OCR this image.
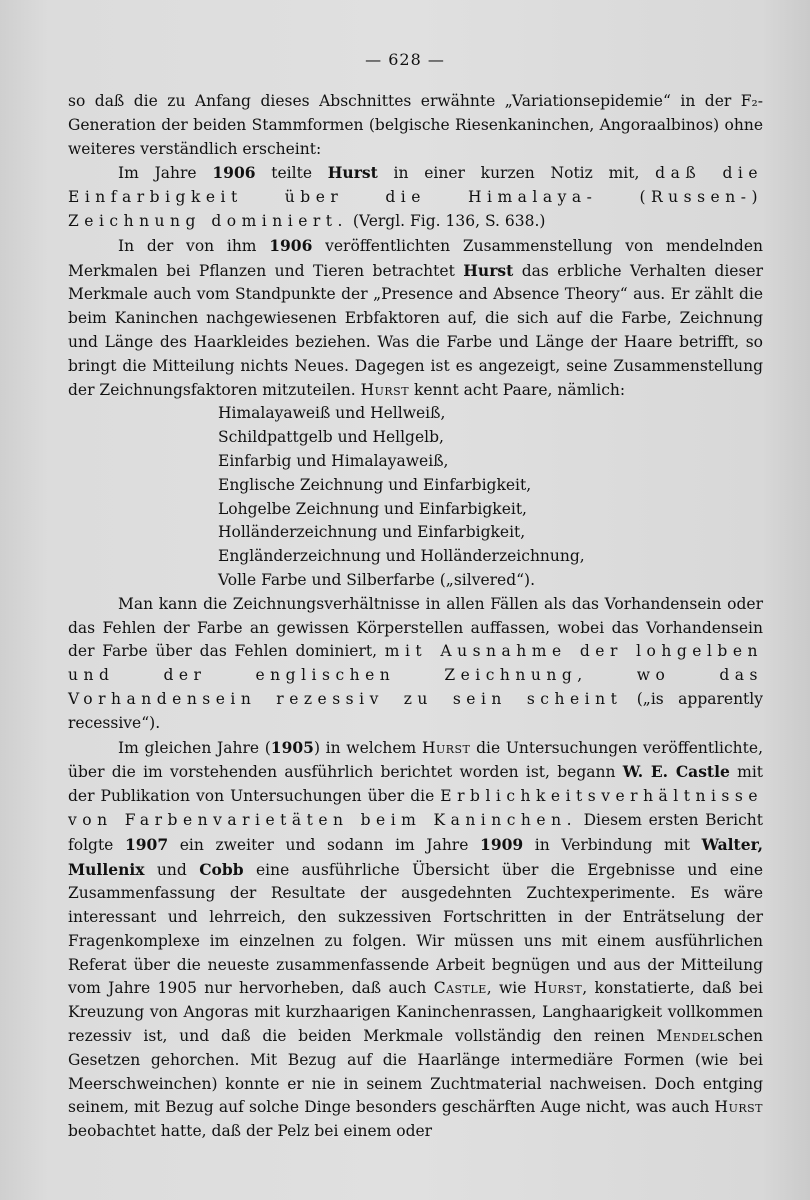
— 628 —

so daß die zu Anfang dieses Abschnittes erwähnte „Variationsepidemie“ in der F₂-Generation der beiden Stammformen (belgische Riesenkaninchen, Angoraalbinos) ohne weiteres verständlich erscheint:

Im Jahre 1906 teilte Hurst in einer kurzen Notiz mit, daß die Einfarbigkeit über die Himalaya- (Russen-) Zeichnung dominiert. (Vergl. Fig. 136, S. 638.)

In der von ihm 1906 veröffentlichten Zusammenstellung von mendelnden Merkmalen bei Pflanzen und Tieren betrachtet Hurst das erbliche Verhalten dieser Merkmale auch vom Standpunkte der „Presence and Absence Theory“ aus. Er zählt die beim Kaninchen nachgewiesenen Erbfaktoren auf, die sich auf die Farbe, Zeichnung und Länge des Haarkleides beziehen. Was die Farbe und Länge der Haare betrifft, so bringt die Mitteilung nichts Neues. Dagegen ist es angezeigt, seine Zusammenstellung der Zeichnungsfaktoren mitzuteilen. Hurst kennt acht Paare, nämlich:

Himalayaweiß und Hellweiß,
Schildpattgelb und Hellgelb,
Einfarbig und Himalayaweiß,
Englische Zeichnung und Einfarbigkeit,
Lohgelbe Zeichnung und Einfarbigkeit,
Holländerzeichnung und Einfarbigkeit,
Engländerzeichnung und Holländerzeichnung,
Volle Farbe und Silberfarbe („silvered“).

Man kann die Zeichnungsverhältnisse in allen Fällen als das Vorhandensein oder das Fehlen der Farbe an gewissen Körperstellen auffassen, wobei das Vorhandensein der Farbe über das Fehlen dominiert, mit Ausnahme der lohgelben und der englischen Zeichnung, wo das Vorhandensein rezessiv zu sein scheint („is apparently recessive“).

Im gleichen Jahre (1905) in welchem Hurst die Untersuchungen veröffentlichte, über die im vorstehenden ausführlich berichtet worden ist, begann W. E. Castle mit der Publikation von Untersuchungen über die Erblichkeitsverhältnisse von Farbenvarietäten beim Kaninchen. Diesem ersten Bericht folgte 1907 ein zweiter und sodann im Jahre 1909 in Verbindung mit Walter, Mullenix und Cobb eine ausführliche Übersicht über die Ergebnisse und eine Zusammenfassung der Resultate der ausgedehnten Zuchtexperimente. Es wäre interessant und lehrreich, den sukzessiven Fortschritten in der Enträtselung der Fragenkomplexe im einzelnen zu folgen. Wir müssen uns mit einem ausführlichen Referat über die neueste zusammenfassende Arbeit begnügen und aus der Mitteilung vom Jahre 1905 nur hervorheben, daß auch Castle, wie Hurst, konstatierte, daß bei Kreuzung von Angoras mit kurzhaarigen Kaninchenrassen, Langhaarigkeit vollkommen rezessiv ist, und daß die beiden Merkmale vollständig den reinen Mendelschen Gesetzen gehorchen. Mit Bezug auf die Haarlänge intermediäre Formen (wie bei Meerschweinchen) konnte er nie in seinem Zuchtmaterial nachweisen. Doch entging seinem, mit Bezug auf solche Dinge besonders geschärften Auge nicht, was auch Hurst beobachtet hatte, daß der Pelz bei einem oder
